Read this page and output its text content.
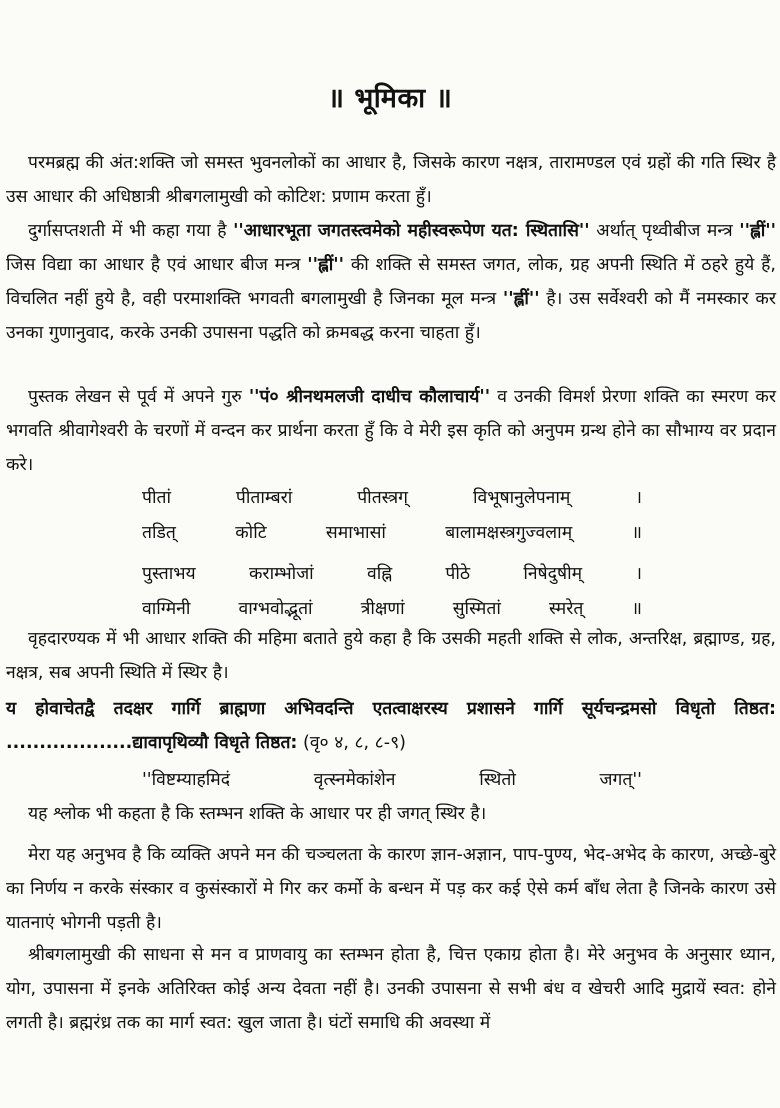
॥ भूमिका ॥
परमब्रह्म की अंत:शक्ति जो समस्त भुवनलोकों का आधार है, जिसके कारण नक्षत्र, तारामण्डल एवं ग्रहों की गति स्थिर है उस आधार की अधिष्ठात्री श्रीबगलामुखी को कोटिश: प्रणाम करता हुँ।
दुर्गासप्तशती में भी कहा गया है ''आधारभूता जगतस्त्वमेको महीस्वरूपेण यत: स्थितासि'' अर्थात् पृथ्वीबीज मन्त्र ''ह्लीं'' जिस विद्या का आधार है एवं आधार बीज मन्त्र ''ह्लीं'' की शक्ति से समस्त जगत, लोक, ग्रह अपनी स्थिति में ठहरे हुये हैं, विचलित नहीं हुये है, वही परमाशक्ति भगवती बगलामुखी है जिनका मूल मन्त्र ''ह्लीं'' है। उस सर्वेश्वरी को मैं नमस्कार कर उनका गुणानुवाद, करके उनकी उपासना पद्धति को क्रमबद्ध करना चाहता हुँ।
पुस्तक लेखन से पूर्व में अपने गुरु ''पं० श्रीनथमलजी दाधीच कौलाचार्य'' व उनकी विमर्श प्रेरणा शक्ति का स्मरण कर भगवति श्रीवागेश्वरी के चरणों में वन्दन कर प्रार्थना करता हुँ कि वे मेरी इस कृति को अनुपम ग्रन्थ होने का सौभाग्य वर प्रदान करे।
पीतां	पीताम्बरां	पीतस्त्रग्	विभूषानुलेपनाम्	।
तडित्	कोटि	समाभासां	बालामक्षस्त्रगुज्वलाम्	॥
पुस्ताभय	कराम्भोजां	वह्नि	पीठे	निषेदुषीम्	।
वाग्मिनी	वाग्भवोद्भूतां	त्रीक्षणां	सुस्मितां	स्मरेत्	॥
वृहदारण्यक में भी आधार शक्ति की महिमा बताते हुये कहा है कि उसकी महती शक्ति से लोक, अन्तरिक्ष, ब्रह्माण्ड, ग्रह, नक्षत्र, सब अपनी स्थिति में स्थिर है।
य होवाचेतद्वै तदक्षर गार्गि ब्राह्मणा अभिवदन्ति एतत्वाक्षरस्य प्रशासने गार्गि सूर्यचन्द्रमसो विधृतो तिष्ठत: ...................द्यावापृथिव्यौ विधृते तिष्ठत: (वृ० ४, ८, ८-९)
''विष्टम्याहमिदं	वृत्स्नमेकांशेन	स्थितो	जगत्''
यह श्लोक भी कहता है कि स्तम्भन शक्ति के आधार पर ही जगत् स्थिर है।
मेरा यह अनुभव है कि व्यक्ति अपने मन की चञ्चलता के कारण ज्ञान-अज्ञान, पाप-पुण्य, भेद-अभेद के कारण, अच्छे-बुरे का निर्णय न करके संस्कार व कुसंस्कारों मे गिर कर कर्मो के बन्धन में पड़ कर कई ऐसे कर्म बाँध लेता है जिनके कारण उसे यातनाएं भोगनी पड़ती है।
श्रीबगलामुखी की साधना से मन व प्राणवायु का स्तम्भन होता है, चित्त एकाग्र होता है। मेरे अनुभव के अनुसार ध्यान, योग, उपासना में इनके अतिरिक्त कोई अन्य देवता नहीं है। उनकी उपासना से सभी बंध व खेचरी आदि मुद्रायें स्वत: होने लगती है। ब्रह्मरंध्र तक का मार्ग स्वत: खुल जाता है। घंटों समाधि की अवस्था में
